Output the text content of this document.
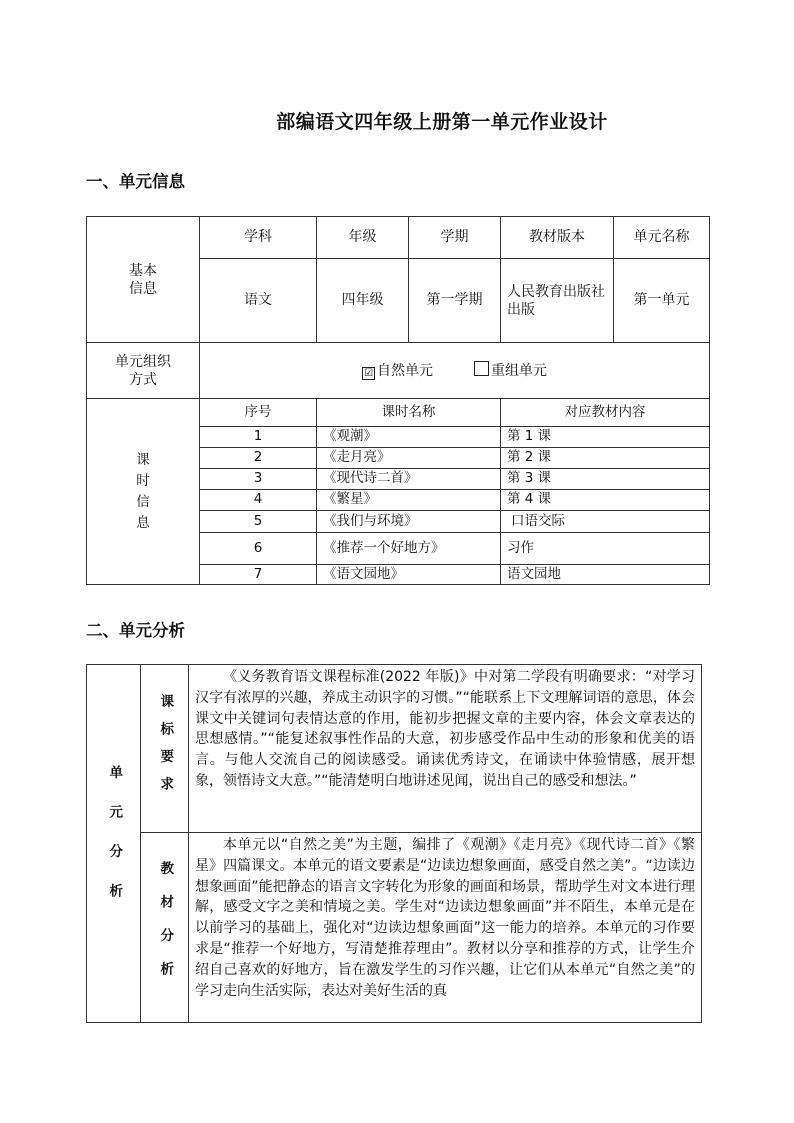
部编语文四年级上册第一单元作业设计
一、单元信息
基本
信息	学科	年级	学期	教材版本	单元名称
	语文	四年级	第一学期	人民教育出版社出版	第一单元

单元组织方式	☑ 自然单元 重组单元				

课时信息	序号	课时名称		对应教材内容	
	1	《观潮》		第 1 课	
	2	《走月亮》		第 2 课	
	3	《现代诗二首》		第 3 课	
	4	《繁星》		第 4 课	
	5	《我们与环境》		口语交际	
	6	《推荐一个好地方》		习作	
	7	《语文园地》		语文园地	
二、单元分析
单元分析	课标要求	《义务教育语文课程标准(2022 年版)》中对第二学段有明确要求：“对学习汉字有浓厚的兴趣，养成主动识字的习惯。”“能联系上下文理解词语的意思，体会课文中关键词句表情达意的作用，能初步把握文章的主要内容，体会文章表达的思想感情。”“能复述叙事性作品的大意，初步感受作品中生动的形象和优美的语言。与他人交流自己的阅读感受。诵读优秀诗文，在诵读中体验情感，展开想象，领悟诗文大意。”“能清楚明白地讲述见闻，说出自己的感受和想法。”

	教材分析	本单元以“自然之美”为主题，编排了《观潮》《走月亮》《现代诗二首》《繁星》四篇课文。本单元的语文要素是“边读边想象画面，感受自然之美”。“边读边想象画面”能把静态的语言文字转化为形象的画面和场景，帮助学生对文本进行理解，感受文字之美和情境之美。学生对“边读边想象画面”并不陌生，本单元是在以前学习的基础上，强化对“边读边想象画面”这一能力的培养。本单元的习作要求是“推荐一个好地方，写清楚推荐理由”。教材以分享和推荐的方式，让学生介绍自己喜欢的好地方，旨在激发学生的习作兴趣，让它们从本单元“自然之美”的学习走向生活实际，表达对美好生活的真
